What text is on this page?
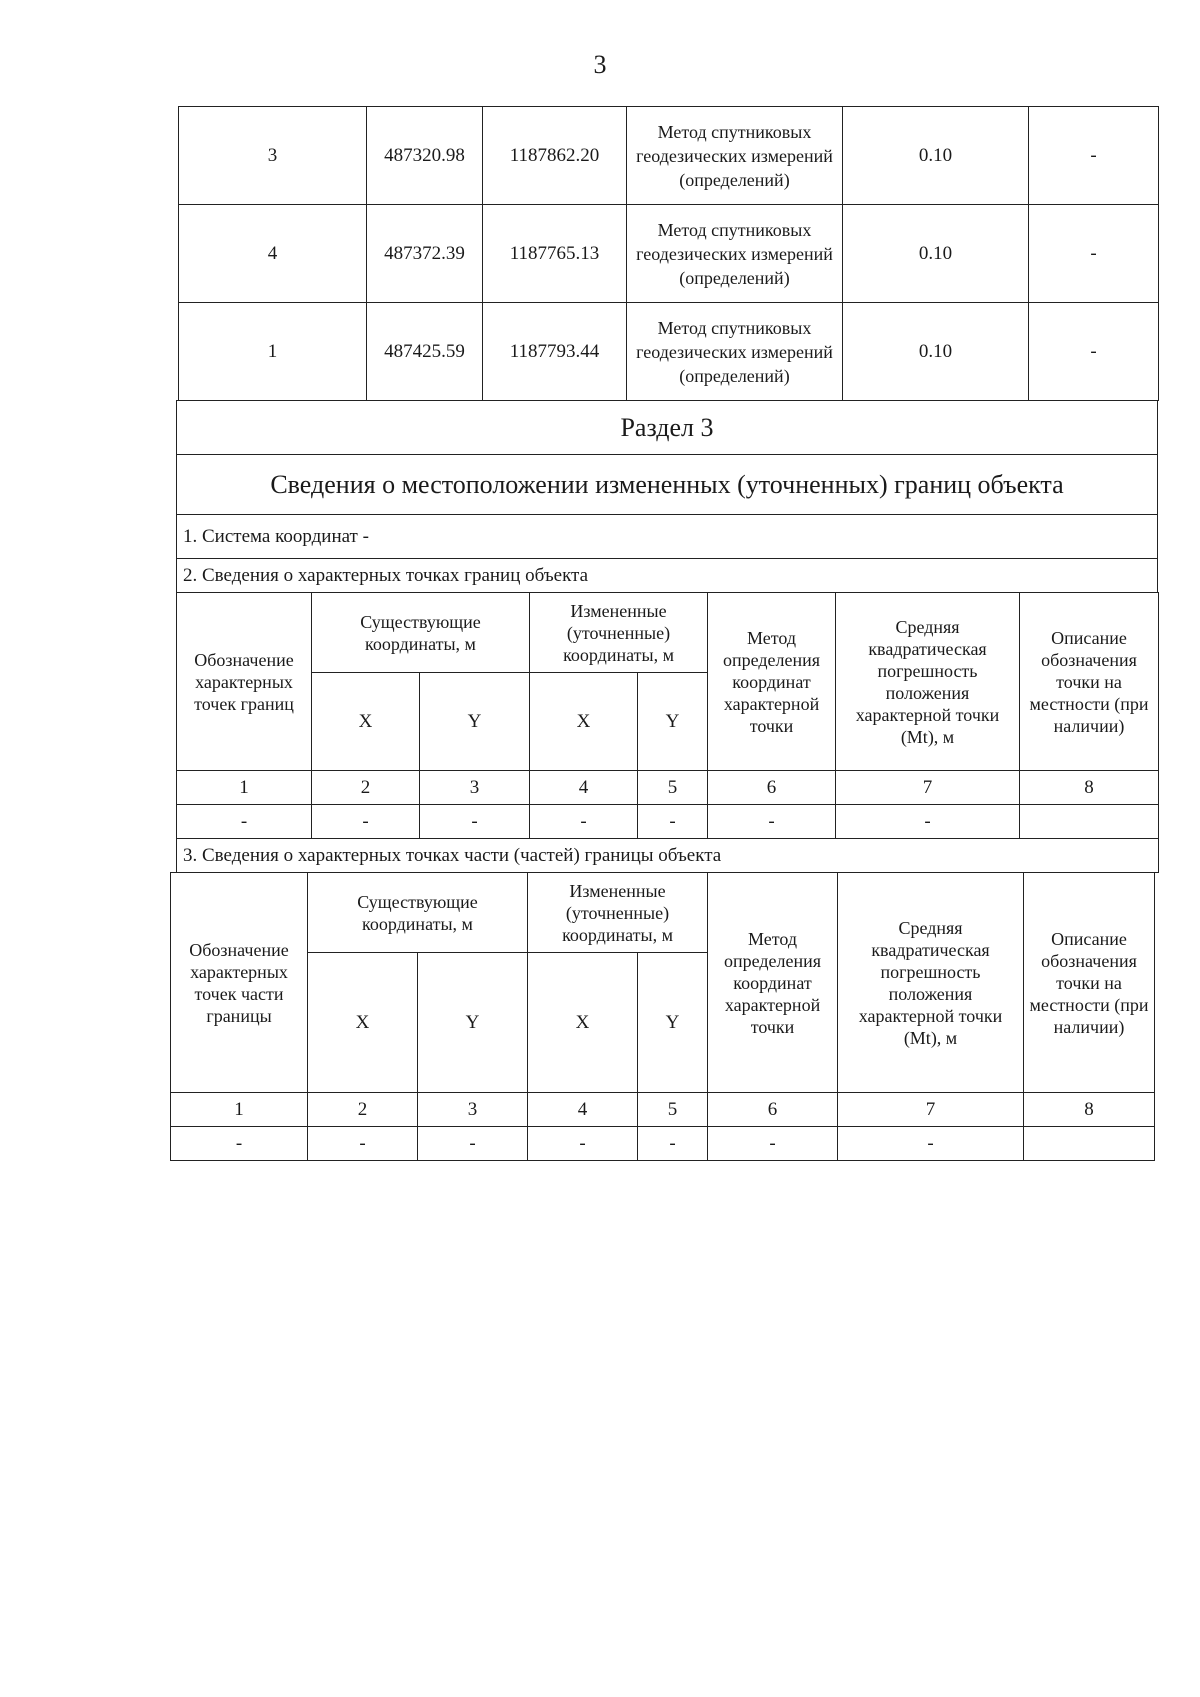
3
3	487320.98	1187862.20	Метод спутниковых геодезических измерений (определений)	0.10	-
4	487372.39	1187765.13	Метод спутниковых геодезических измерений (определений)	0.10	-
1	487425.59	1187793.44	Метод спутниковых геодезических измерений (определений)	0.10	-
Раздел 3
Сведения о местоположении измененных (уточненных) границ объекта
1. Система координат -
2. Сведения о характерных точках границ объекта
Обозначение характерных точек границ	Существующие координаты, м		Измененные (уточненные) координаты, м		Метод определения координат характерной точки	Средняя квадратическая погрешность положения характерной точки (Mt), м	Описание обозначения точки на местности (при наличии)
	X	Y	X	Y			
1	2	3	4	5	6	7	8
-	-	-	-	-	-	-	
3. Сведения о характерных точках части (частей) границы объекта							
Обозначение характерных точек части границы	Существующие координаты, м		Измененные (уточненные) координаты, м		Метод определения координат характерной точки	Средняя квадратическая погрешность положения характерной точки (Mt), м	Описание обозначения точки на местности (при наличии)
	X	Y	X	Y			
1	2	3	4	5	6	7	8
-	-	-	-	-	-	-	
